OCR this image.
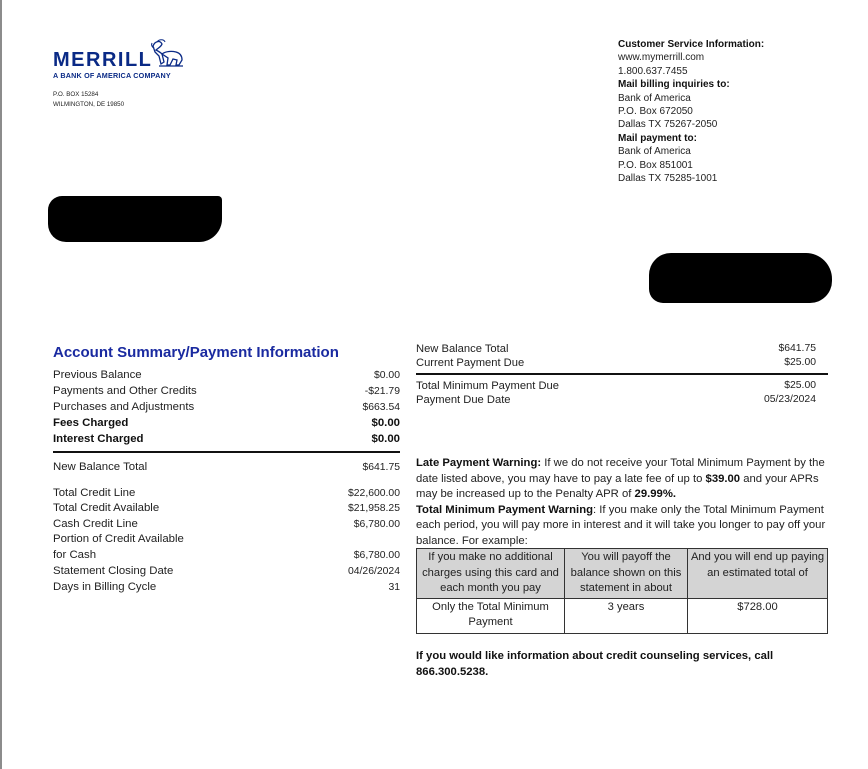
MERRILL
A BANK OF AMERICA COMPANY
P.O. BOX 15284
WILMINGTON, DE 19850
Customer Service Information:
www.mymerrill.com
1.800.637.7455
Mail billing inquiries to:
Bank of America
P.O. Box 672050
Dallas TX 75267-2050
Mail payment to:
Bank of America
P.O. Box 851001
Dallas TX 75285-1001
Account Summary/Payment Information
Previous Balance	$0.00
Payments and Other Credits	-$21.79
Purchases and Adjustments	$663.54
Fees Charged	$0.00
Interest Charged	$0.00
New Balance Total	$641.75
Total Credit Line	$22,600.00
Total Credit Available	$21,958.25
Cash Credit Line	$6,780.00
Portion of Credit Available
for Cash	$6,780.00
Statement Closing Date	04/26/2024
Days in Billing Cycle	31
New Balance Total	$641.75
Current Payment Due	$25.00
Total Minimum Payment Due	$25.00
Payment Due Date	05/23/2024
Late Payment Warning: If we do not receive your Total Minimum Payment by the date listed above, you may have to pay a late fee of up to $39.00 and your APRs may be increased up to the Penalty APR of 29.99%.
Total Minimum Payment Warning: If you make only the Total Minimum Payment each period, you will pay more in interest and it will take you longer to pay off your balance. For example:
If you make no additional charges using this card and each month you pay	You will payoff the balance shown on this statement in about	And you will end up paying an estimated total of
Only the Total Minimum Payment	3 years	$728.00
If you would like information about credit counseling services, call 866.300.5238.
